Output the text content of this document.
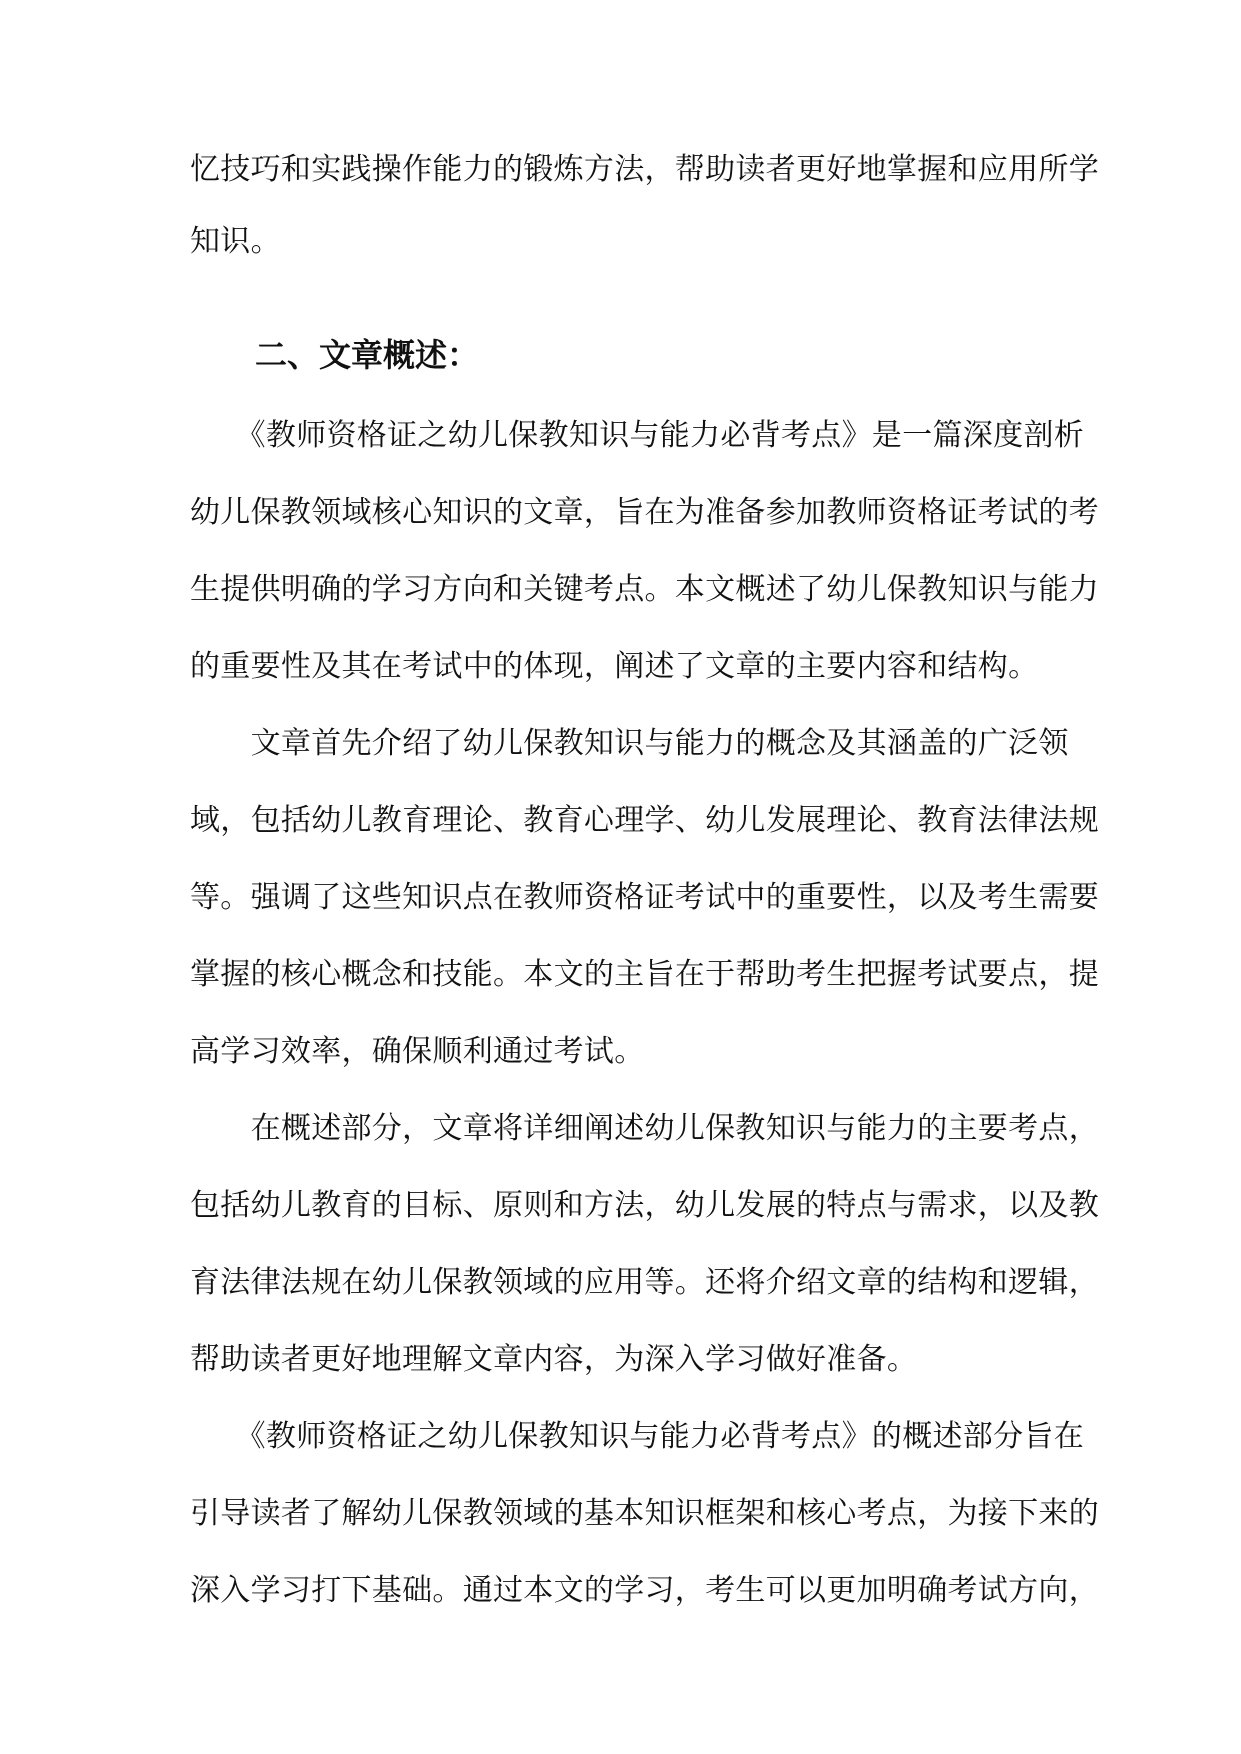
忆技巧和实践操作能力的锻炼方法，帮助读者更好地掌握和应用所学
知识。
二、文章概述：
　　《教师资格证之幼儿保教知识与能力必背考点》是一篇深度剖析
幼儿保教领域核心知识的文章，旨在为准备参加教师资格证考试的考
生提供明确的学习方向和关键考点。本文概述了幼儿保教知识与能力
的重要性及其在考试中的体现，阐述了文章的主要内容和结构。
　　文章首先介绍了幼儿保教知识与能力的概念及其涵盖的广泛领
域，包括幼儿教育理论、教育心理学、幼儿发展理论、教育法律法规
等。强调了这些知识点在教师资格证考试中的重要性，以及考生需要
掌握的核心概念和技能。本文的主旨在于帮助考生把握考试要点，提
高学习效率，确保顺利通过考试。
　　在概述部分，文章将详细阐述幼儿保教知识与能力的主要考点，
包括幼儿教育的目标、原则和方法，幼儿发展的特点与需求，以及教
育法律法规在幼儿保教领域的应用等。还将介绍文章的结构和逻辑，
帮助读者更好地理解文章内容，为深入学习做好准备。
　　《教师资格证之幼儿保教知识与能力必背考点》的概述部分旨在
引导读者了解幼儿保教领域的基本知识框架和核心考点，为接下来的
深入学习打下基础。通过本文的学习，考生可以更加明确考试方向，
